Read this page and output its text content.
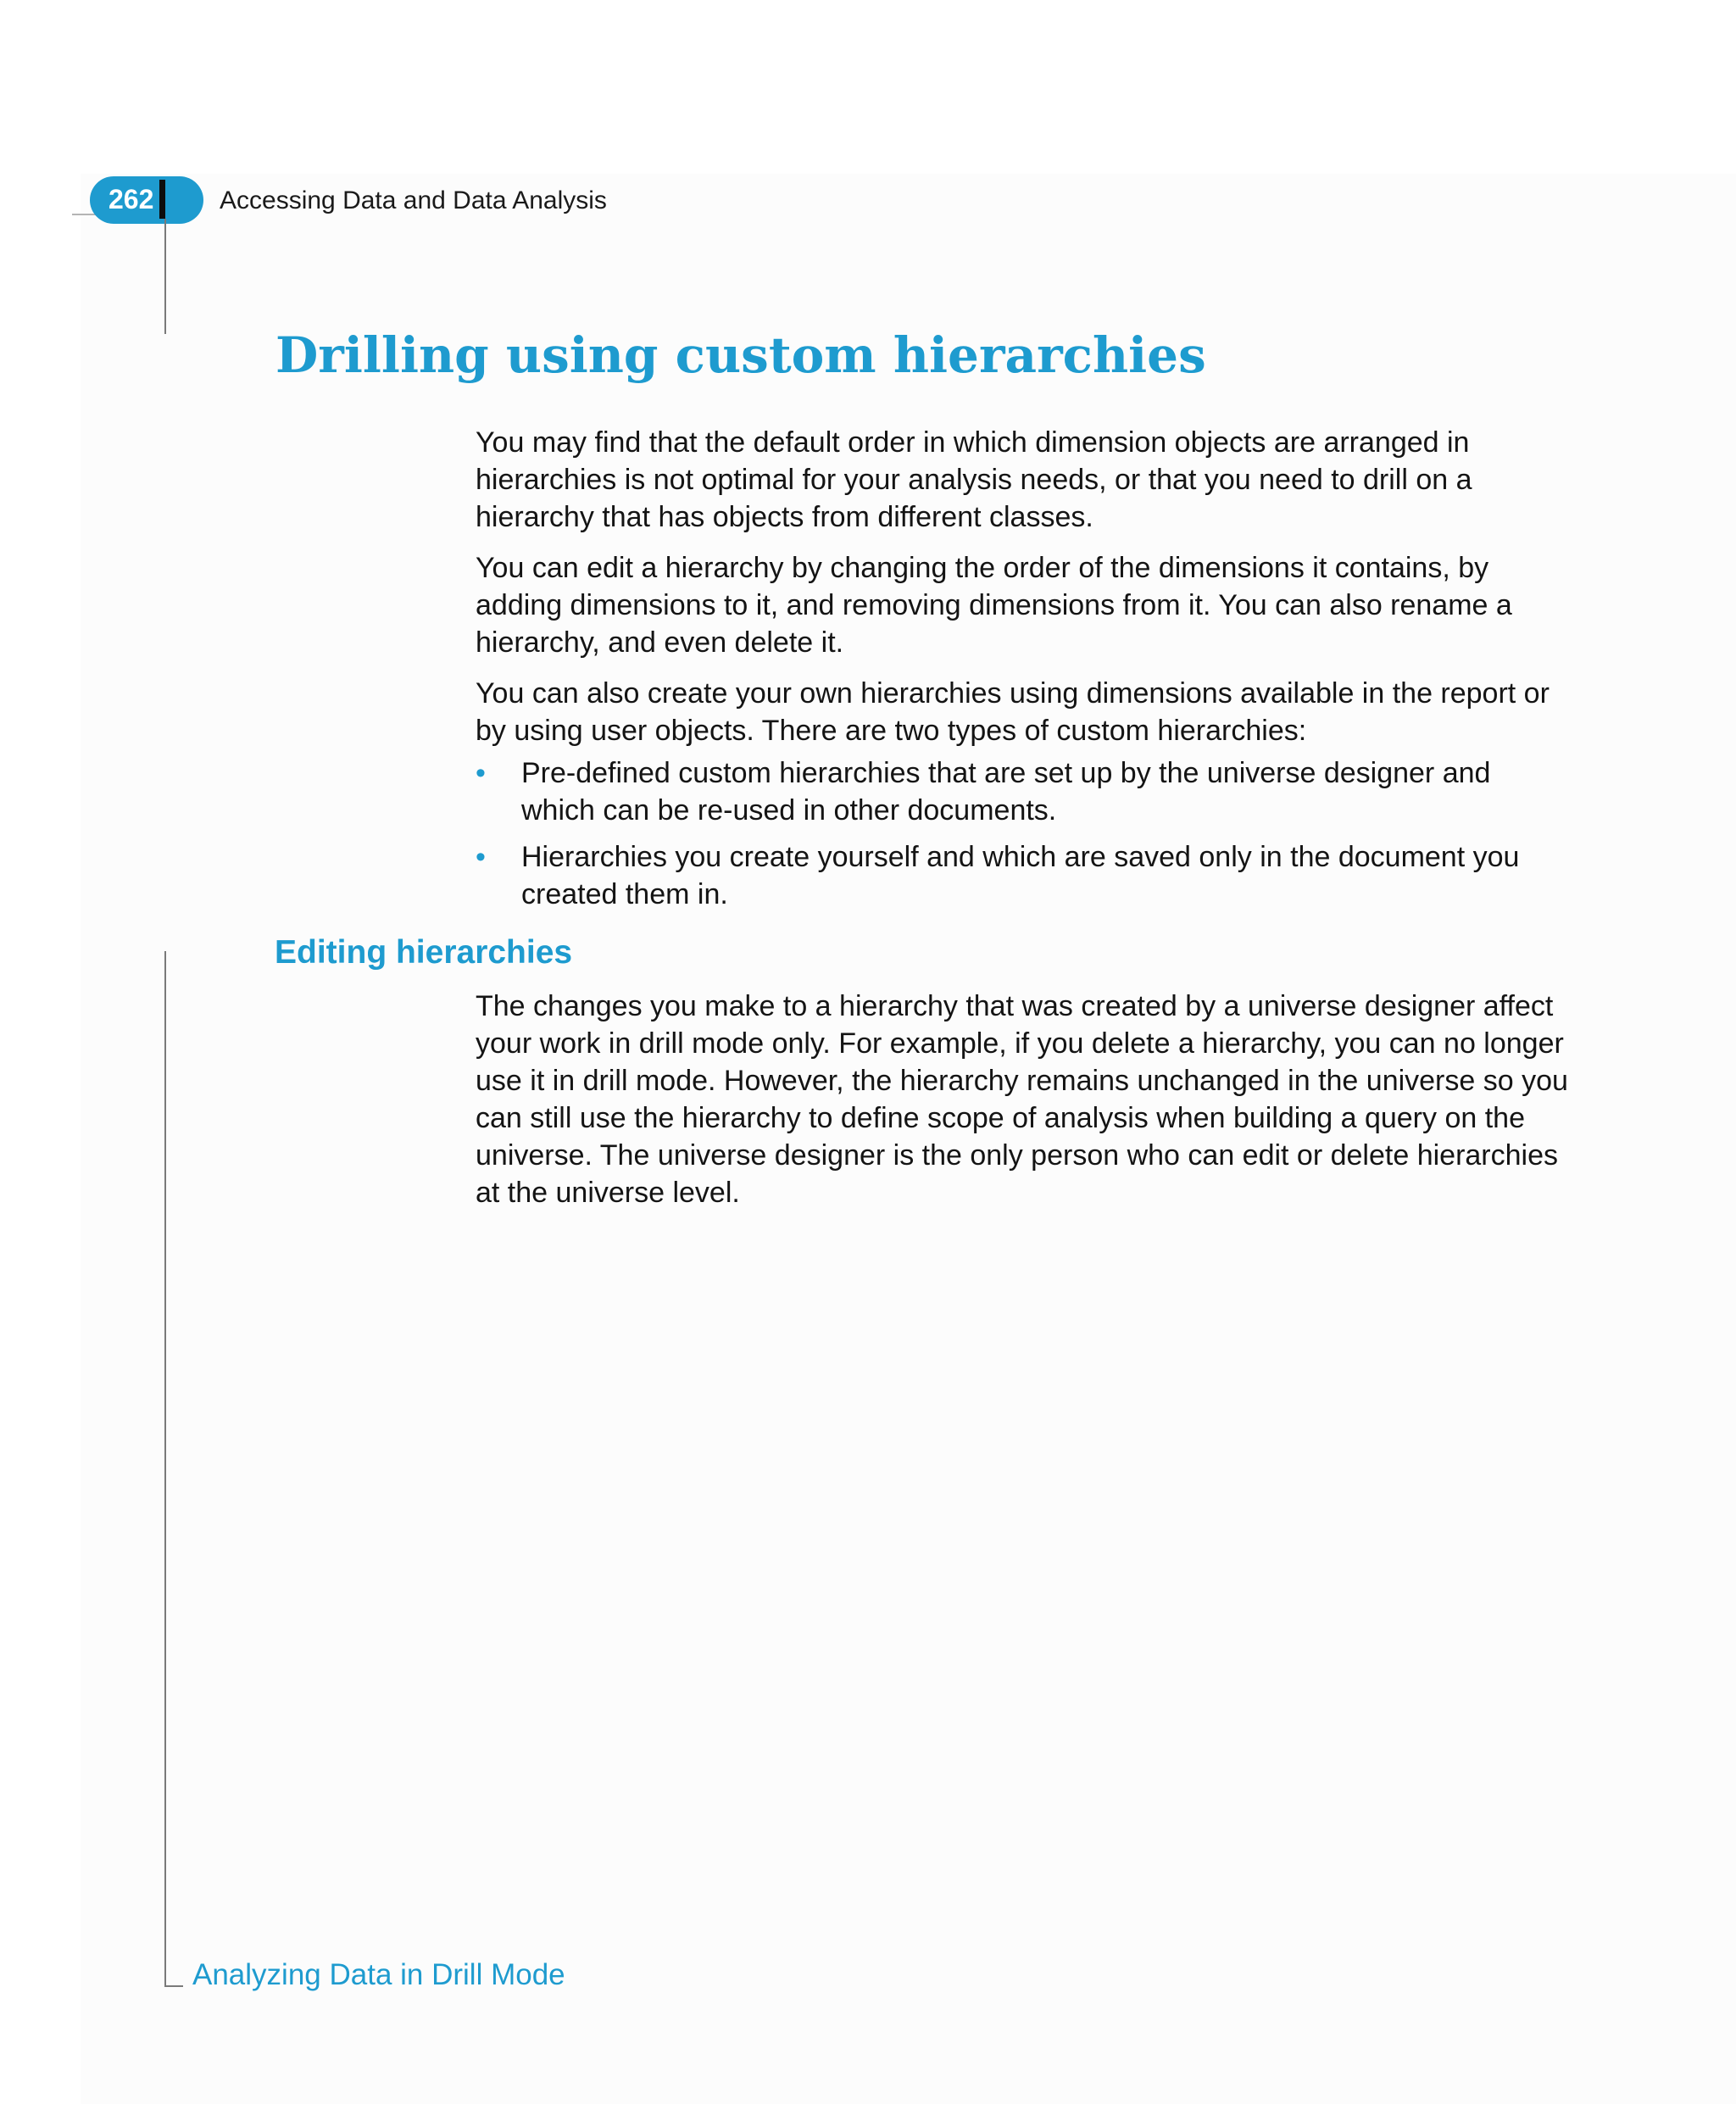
262	Accessing Data and Data Analysis
Drilling using custom hierarchies

You may find that the default order in which dimension objects are arranged in hierarchies is not optimal for your analysis needs, or that you need to drill on a hierarchy that has objects from different classes.

You can edit a hierarchy by changing the order of the dimensions it contains, by adding dimensions to it, and removing dimensions from it. You can also rename a hierarchy, and even delete it.

You can also create your own hierarchies using dimensions available in the report or by using user objects. There are two types of custom hierarchies:

• Pre-defined custom hierarchies that are set up by the universe designer and which can be re-used in other documents.
• Hierarchies you create yourself and which are saved only in the document you created them in.
Editing hierarchies

The changes you make to a hierarchy that was created by a universe designer affect your work in drill mode only. For example, if you delete a hierarchy, you can no longer use it in drill mode. However, the hierarchy remains unchanged in the universe so you can still use the hierarchy to define scope of analysis when building a query on the universe. The universe designer is the only person who can edit or delete hierarchies at the universe level.

Analyzing Data in Drill Mode
